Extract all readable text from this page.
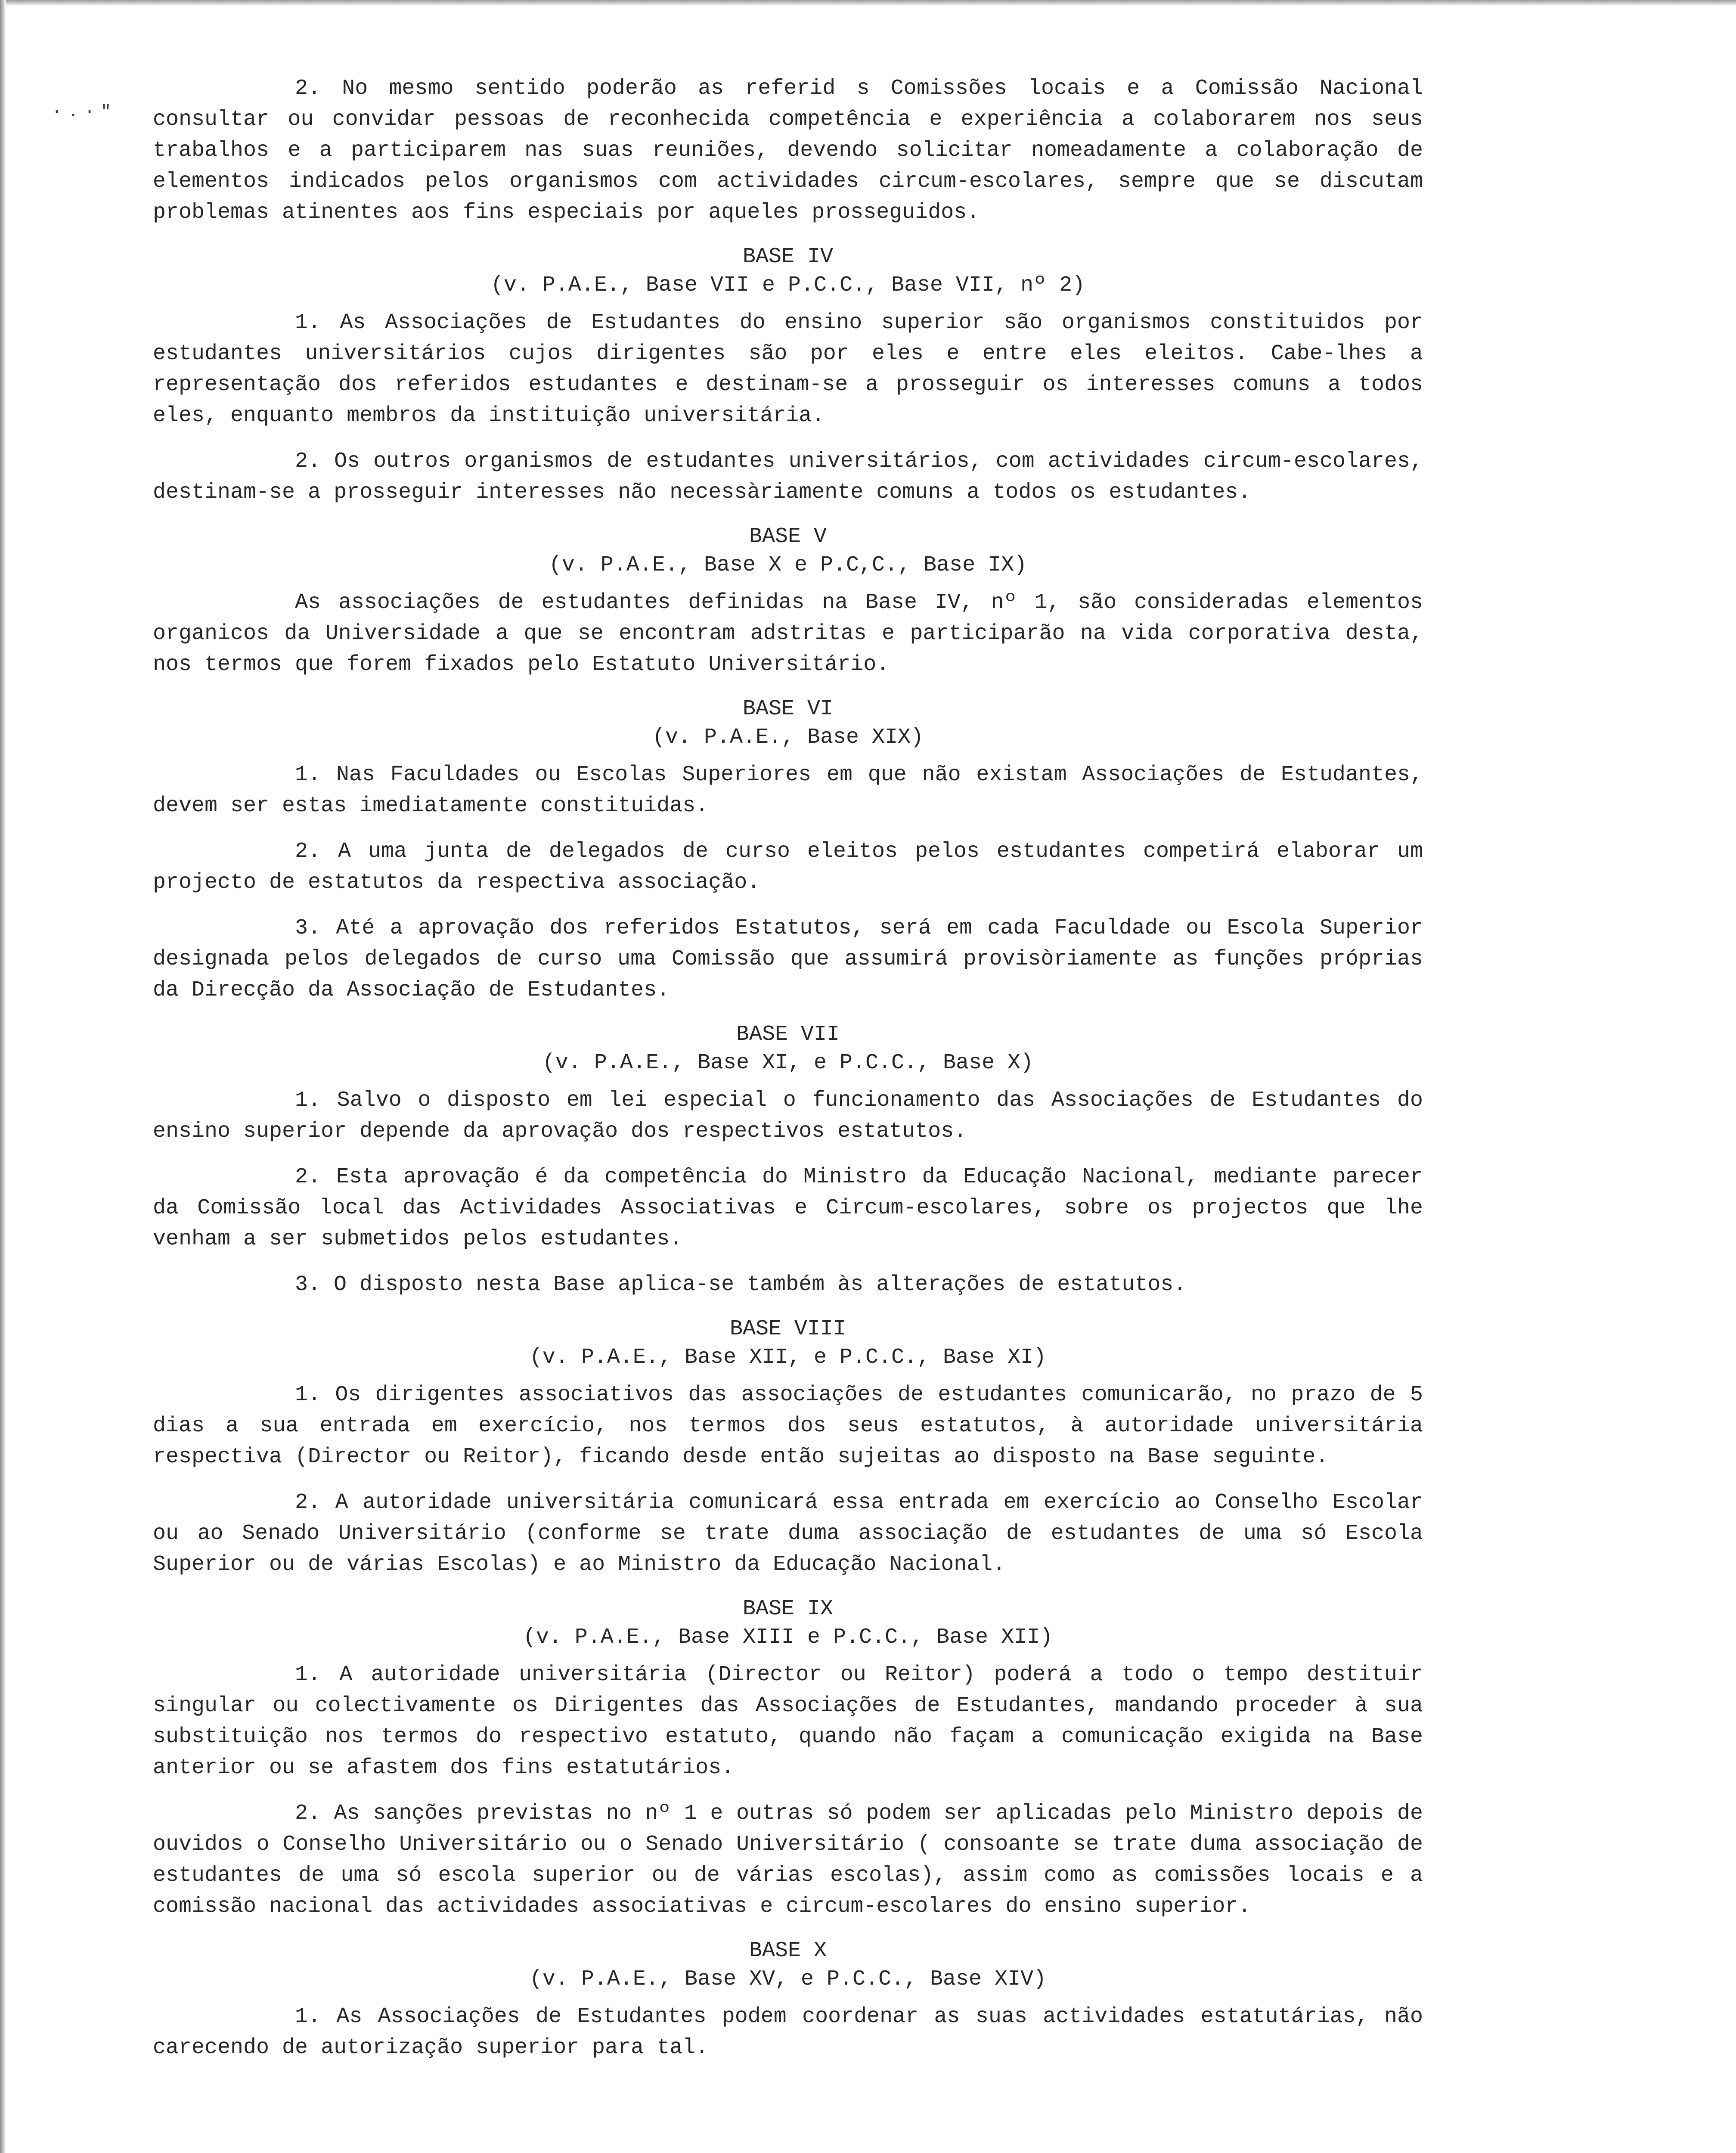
·.·"

2. No mesmo sentido poderão as referid s Comissões locais e a Comissão Nacional consultar ou convidar pessoas de reconhecida competência e experiência a colaborarem nos seus trabalhos e a participarem nas suas reuniões, devendo solicitar nomeadamente a colaboração de elementos indicados pelos organismos com actividades circum-escolares, sempre que se discutam problemas atinentes aos fins especiais por aqueles prosseguidos.

BASE IV
(v. P.A.E., Base VII e P.C.C., Base VII, nº 2)

1. As Associações de Estudantes do ensino superior são organismos constituidos por estudantes universitários cujos dirigentes são por eles e entre eles eleitos. Cabe-lhes a representação dos referidos estudantes e destinam-se a prosseguir os interesses comuns a todos eles, enquanto membros da instituição universitária.

2. Os outros organismos de estudantes universitários, com actividades circum-escolares, destinam-se a prosseguir interesses não necessàriamente comuns a todos os estudantes.

BASE V
(v. P.A.E., Base X e P.C,C., Base IX)

As associações de estudantes definidas na Base IV, nº 1, são consideradas elementos organicos da Universidade a que se encontram adstritas e participarão na vida corporativa desta, nos termos que forem fixados pelo Estatuto Universitário.

BASE VI
(v. P.A.E., Base XIX)

1. Nas Faculdades ou Escolas Superiores em que não existam Associações de Estudantes, devem ser estas imediatamente constituidas.

2. A uma junta de delegados de curso eleitos pelos estudantes competirá elaborar um projecto de estatutos da respectiva associação.

3. Até a aprovação dos referidos Estatutos, será em cada Faculdade ou Escola Superior designada pelos delegados de curso uma Comissão que assumirá provisòriamente as funções próprias da Direcção da Associação de Estudantes.

BASE VII
(v. P.A.E., Base XI, e P.C.C., Base X)

1. Salvo o disposto em lei especial o funcionamento das Associações de Estudantes do ensino superior depende da aprovação dos respectivos estatutos.

2. Esta aprovação é da competência do Ministro da Educação Nacional, mediante parecer da Comissão local das Actividades Associativas e Circum-escolares, sobre os projectos que lhe venham a ser submetidos pelos estudantes.

3. O disposto nesta Base aplica-se também às alterações de estatutos.

BASE VIII
(v. P.A.E., Base XII, e P.C.C., Base XI)

1. Os dirigentes associativos das associações de estudantes comunicarão, no prazo de 5 dias a sua entrada em exercício, nos termos dos seus estatutos, à autoridade universitária respectiva (Director ou Reitor), ficando desde então sujeitas ao disposto na Base seguinte.

2. A autoridade universitária comunicará essa entrada em exercício ao Conselho Escolar ou ao Senado Universitário (conforme se trate duma associação de estudantes de uma só Escola Superior ou de várias Escolas) e ao Ministro da Educação Nacional.

BASE IX
(v. P.A.E., Base XIII e P.C.C., Base XII)

1. A autoridade universitária (Director ou Reitor) poderá a todo o tempo destituir singular ou colectivamente os Dirigentes das Associações de Estudantes, mandando proceder à sua substituição nos termos do respectivo estatuto, quando não façam a comunicação exigida na Base anterior ou se afastem dos fins estatutários.

2. As sanções previstas no nº 1 e outras só podem ser aplicadas pelo Ministro depois de ouvidos o Conselho Universitário ou o Senado Universitário ( consoante se trate duma associação de estudantes de uma só escola superior ou de várias escolas), assim como as comissões locais e a comissão nacional das actividades associativas e circum-escolares do ensino superior.

BASE X
(v. P.A.E., Base XV, e P.C.C., Base XIV)

1. As Associações de Estudantes podem coordenar as suas actividades estatutárias, não carecendo de autorização superior para tal.
